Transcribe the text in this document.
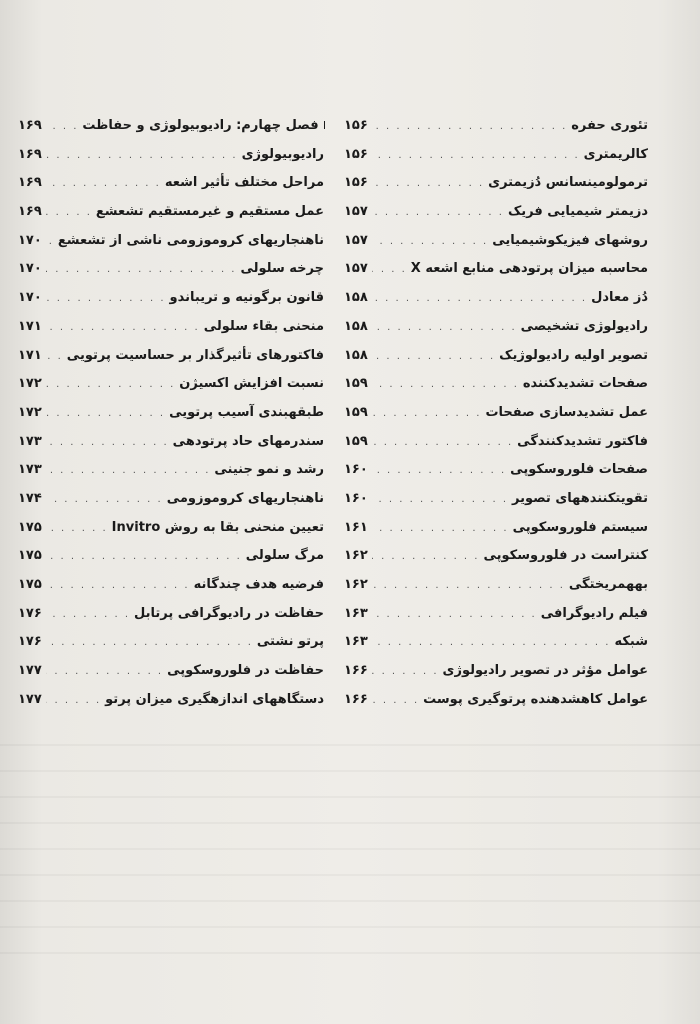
تئوری حفره
. . .
۱۵۶
کالریمتری
. . .
۱۵۶
ترمولومینسانس دُزیمتری
. . .
۱۵۶
دزیمتر شیمیایی فریک
. . .
۱۵۷
روشهای فیزیکوشیمیایی
. . .
۱۵۷
محاسبه میزان پرتودهی منابع اشعه X
. . .
۱۵۷
دُز معادل
. . .
۱۵۸
رادیولوژی تشخیصی
. . .
۱۵۸
تصویر اولیه رادیولوژیک
. . .
۱۵۸
صفحات تشدیدکننده
. . .
۱۵۹
عمل تشدیدسازی صفحات
. . .
۱۵۹
فاکتور تشدیدکنندگی
. . .
۱۵۹
صفحات فلوروسکوپی
. . .
۱۶۰
تقویتکنندههای تصویر
. . .
۱۶۰
سیستم فلوروسکوپی
. . .
۱۶۱
کنتراست در فلوروسکوپی
. . .
۱۶۲
بههمریختگی
. . .
۱۶۲
فیلم رادیوگرافی
. . .
۱۶۳
شبکه
. . .
۱۶۳
عوامل مؤثر در تصویر رادیولوژی
. . .
۱۶۶
عوامل کاهشدهنده پرتوگیری پوست
. . .
۱۶۶
فصل چهارم: رادیوبیولوژی و حفاظت
. . .
۱۶۹
رادیوبیولوژی
. . .
۱۶۹
مراحل مختلف تأثیر اشعه
. . .
۱۶۹
عمل مستقیم و غیرمستقیم تشعشع
. . .
۱۶۹
ناهنجاریهای کروموزومی ناشی از تشعشع
. . .
۱۷۰
چرخه سلولی
. . .
۱۷۰
قانون برگونیه و تریباندو
. . .
۱۷۰
منحنی بقاء سلولی
. . .
۱۷۱
فاکتورهای تأثیرگذار بر حساسیت پرتویی
. . .
۱۷۱
نسبت افزایش اکسیژن
. . .
۱۷۲
طبقهبندی آسیب پرتویی
. . .
۱۷۲
سندرمهای حاد پرتودهی
. . .
۱۷۳
رشد و نمو جنینی
. . .
۱۷۳
ناهنجاریهای کروموزومی
. . .
۱۷۴
تعیین منحنی بقا به روش Invitro
. . .
۱۷۵
مرگ سلولی
. . .
۱۷۵
فرضیه هدف چندگانه
. . .
۱۷۵
حفاظت در رادیوگرافی پرتابل
. . .
۱۷۶
پرتو نشتی
. . .
۱۷۶
حفاظت در فلوروسکوپی
. . .
۱۷۷
دستگاههای اندازهگیری میزان پرتو
. . .
۱۷۷
